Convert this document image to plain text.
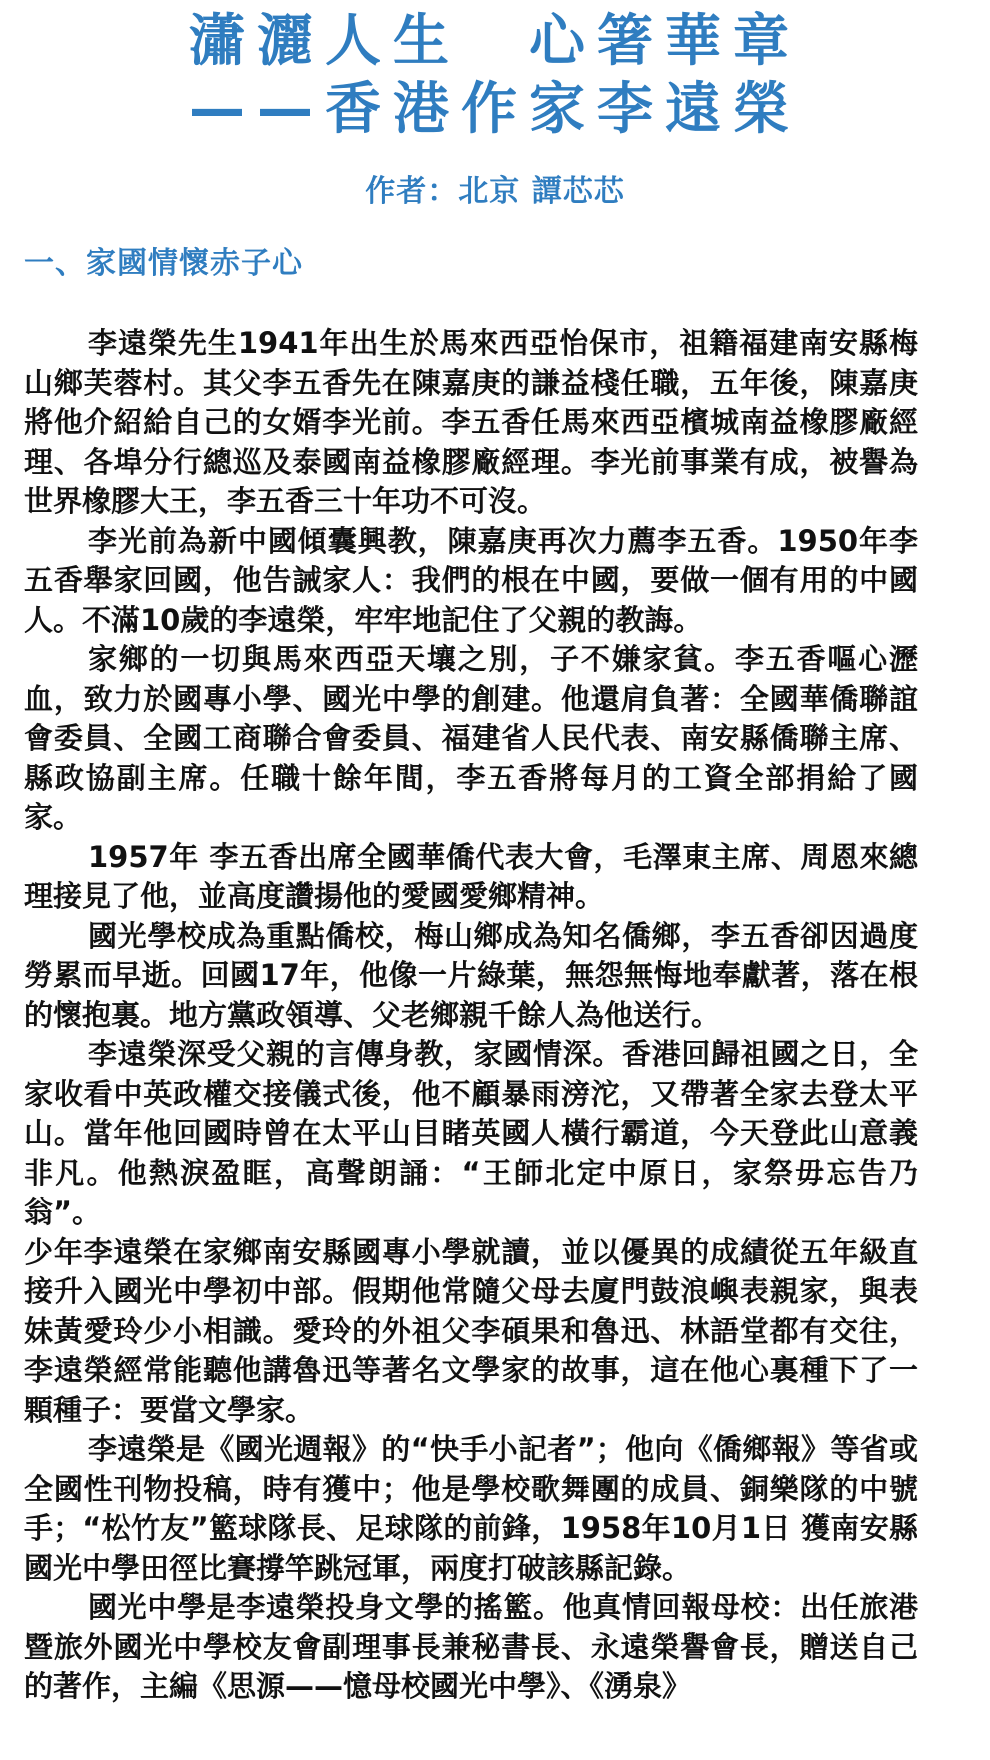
瀟灑人生　心箸華章
——香港作家李遠榮
作者：北京 譚芯芯
一、家國情懷赤子心

李遠榮先生1941年出生於馬來西亞怡保市，祖籍福建南安縣梅山鄉芙蓉村。其父李五香先在陳嘉庚的謙益棧任職，五年後，陳嘉庚將他介紹給自己的女婿李光前。李五香任馬來西亞檳城南益橡膠廠經理、各埠分行總巡及泰國南益橡膠廠經理。李光前事業有成，被譽為世界橡膠大王，李五香三十年功不可沒。

李光前為新中國傾囊興教，陳嘉庚再次力薦李五香。1950年李五香舉家回國，他告誡家人：我們的根在中國，要做一個有用的中國人。不滿10歲的李遠榮，牢牢地記住了父親的教誨。

家鄉的一切與馬來西亞天壤之別，子不嫌家貧。李五香嘔心瀝血，致力於國專小學、國光中學的創建。他還肩負著：全國華僑聯誼會委員、全國工商聯合會委員、福建省人民代表、南安縣僑聯主席、縣政協副主席。任職十餘年間，李五香將每月的工資全部捐給了國家。

1957年 李五香出席全國華僑代表大會，毛澤東主席、周恩來總理接見了他，並高度讚揚他的愛國愛鄉精神。

國光學校成為重點僑校，梅山鄉成為知名僑鄉，李五香卻因過度勞累而早逝。回國17年，他像一片綠葉，無怨無悔地奉獻著，落在根的懷抱裏。地方黨政領導、父老鄉親千餘人為他送行。

李遠榮深受父親的言傳身教，家國情深。香港回歸祖國之日，全家收看中英政權交接儀式後，他不顧暴雨滂沱，又帶著全家去登太平山。當年他回國時曾在太平山目睹英國人橫行霸道，今天登此山意義非凡。他熱淚盈眶，高聲朗誦：“王師北定中原日，家祭毋忘告乃翁”。

少年李遠榮在家鄉南安縣國專小學就讀，並以優異的成績從五年級直接升入國光中學初中部。假期他常隨父母去廈門鼓浪嶼表親家，與表妹黃愛玲少小相識。愛玲的外祖父李碩果和魯迅、林語堂都有交往，李遠榮經常能聽他講魯迅等著名文學家的故事，這在他心裏種下了一顆種子：要當文學家。

李遠榮是《國光週報》的“快手小記者”；他向《僑鄉報》等省或全國性刊物投稿，時有獲中；他是學校歌舞團的成員、銅樂隊的中號手；“松竹友”籃球隊長、足球隊的前鋒，1958年10月1日 獲南安縣國光中學田徑比賽撐竿跳冠軍，兩度打破該縣記錄。

國光中學是李遠榮投身文學的搖籃。他真情回報母校：出任旅港暨旅外國光中學校友會副理事長兼秘書長、永遠榮譽會長，贈送自己的著作，主編《思源——憶母校國光中學》、《湧泉》
